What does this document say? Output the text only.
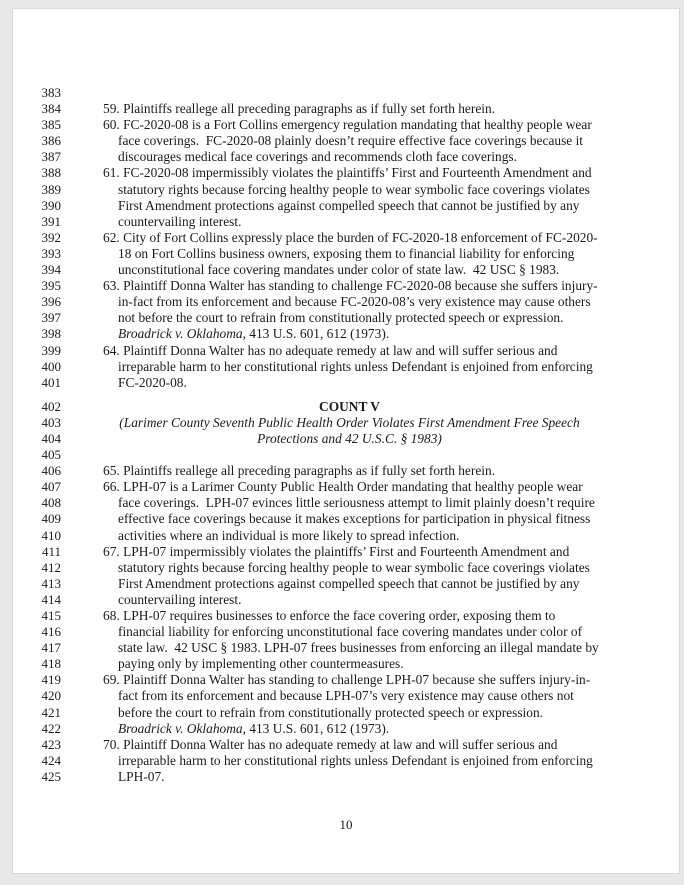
383
384	59. Plaintiffs reallege all preceding paragraphs as if fully set forth herein.
385	60. FC-2020-08 is a Fort Collins emergency regulation mandating that healthy people wear
386	face coverings.  FC-2020-08 plainly doesn’t require effective face coverings because it
387	discourages medical face coverings and recommends cloth face coverings.
388	61. FC-2020-08 impermissibly violates the plaintiffs’ First and Fourteenth Amendment and
389	statutory rights because forcing healthy people to wear symbolic face coverings violates
390	First Amendment protections against compelled speech that cannot be justified by any
391	countervailing interest.
392	62. City of Fort Collins expressly place the burden of FC-2020-18 enforcement of FC-2020-
393	18 on Fort Collins business owners, exposing them to financial liability for enforcing
394	unconstitutional face covering mandates under color of state law.  42 USC § 1983.
395	63. Plaintiff Donna Walter has standing to challenge FC-2020-08 because she suffers injury-
396	in-fact from its enforcement and because FC-2020-08’s very existence may cause others
397	not before the court to refrain from constitutionally protected speech or expression.
398	Broadrick v. Oklahoma, 413 U.S. 601, 612 (1973).
399	64. Plaintiff Donna Walter has no adequate remedy at law and will suffer serious and
400	irreparable harm to her constitutional rights unless Defendant is enjoined from enforcing
401	FC-2020-08.
402	COUNT V
403	(Larimer County Seventh Public Health Order Violates First Amendment Free Speech
404	Protections and 42 U.S.C. § 1983)
405
406	65. Plaintiffs reallege all preceding paragraphs as if fully set forth herein.
407	66. LPH-07 is a Larimer County Public Health Order mandating that healthy people wear
408	face coverings.  LPH-07 evinces little seriousness attempt to limit plainly doesn’t require
409	effective face coverings because it makes exceptions for participation in physical fitness
410	activities where an individual is more likely to spread infection.
411	67. LPH-07 impermissibly violates the plaintiffs’ First and Fourteenth Amendment and
412	statutory rights because forcing healthy people to wear symbolic face coverings violates
413	First Amendment protections against compelled speech that cannot be justified by any
414	countervailing interest.
415	68. LPH-07 requires businesses to enforce the face covering order, exposing them to
416	financial liability for enforcing unconstitutional face covering mandates under color of
417	state law.  42 USC § 1983. LPH-07 frees businesses from enforcing an illegal mandate by
418	paying only by implementing other countermeasures.
419	69. Plaintiff Donna Walter has standing to challenge LPH-07 because she suffers injury-in-
420	fact from its enforcement and because LPH-07’s very existence may cause others not
421	before the court to refrain from constitutionally protected speech or expression.
422	Broadrick v. Oklahoma, 413 U.S. 601, 612 (1973).
423	70. Plaintiff Donna Walter has no adequate remedy at law and will suffer serious and
424	irreparable harm to her constitutional rights unless Defendant is enjoined from enforcing
425	LPH-07.
10
